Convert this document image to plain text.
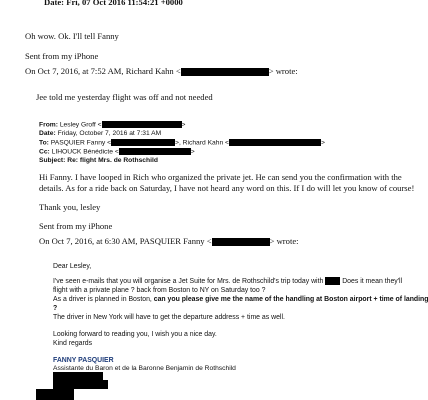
Date: Fri, 07 Oct 2016 11:54:21 +0000
Oh wow. Ok. I'll tell Fanny
Sent from my iPhone
On Oct 7, 2016, at 7:52 AM, Richard Kahn <	> wrote:
Jee told me yesterday flight was off and not needed
From: Lesley Groff <	>
Date: Friday, October 7, 2016 at 7:31 AM
To: PASQUIER Fanny <	>, Richard Kahn <	>
Cc: LIHOUCK Bénédicte <	>
Subject: Re: flight Mrs. de Rothschild
Hi Fanny. I have looped in Rich who organized the private jet. He can send you the confirmation with the
details. As for a ride back on Saturday, I have not heard any word on this. If I do will let you know of course!
Thank you, lesley
Sent from my iPhone
On Oct 7, 2016, at 6:30 AM, PASQUIER Fanny <	> wrote:
Dear Lesley,
I've seen e-mails that you will organise a Jet Suite for Mrs. de Rothschild's trip today with	Does it mean they'll
flight with a private plane ? back from Boston to NY on Saturday too ?
As a driver is planned in Boston, can you please give me the name of the handling at Boston airport + time of landing
?
The driver in New York will have to get the departure address + time as well.
Looking forward to reading you, I wish you a nice day.
Kind regards
FANNY PASQUIER
Assistante du Baron et de la Baronne Benjamin de Rothschild
